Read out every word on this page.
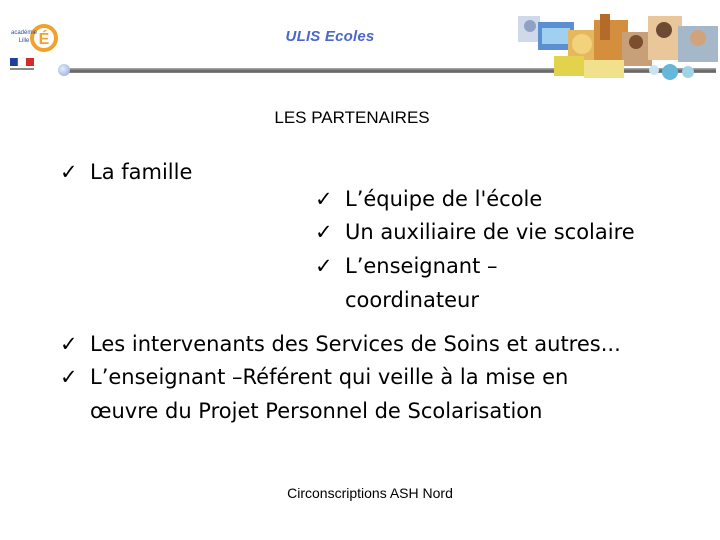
É
académie
Lille	ULIS Ecoles
LES PARTENAIRES
✓ La famille
✓ L’équipe de l'école
✓ Un auxiliaire de vie scolaire
✓ L’enseignant –
coordinateur
✓ Les intervenants des Services de Soins et autres...
✓ L’enseignant –Référent qui veille à la mise en
œuvre du Projet Personnel de Scolarisation
Circonscriptions ASH Nord
